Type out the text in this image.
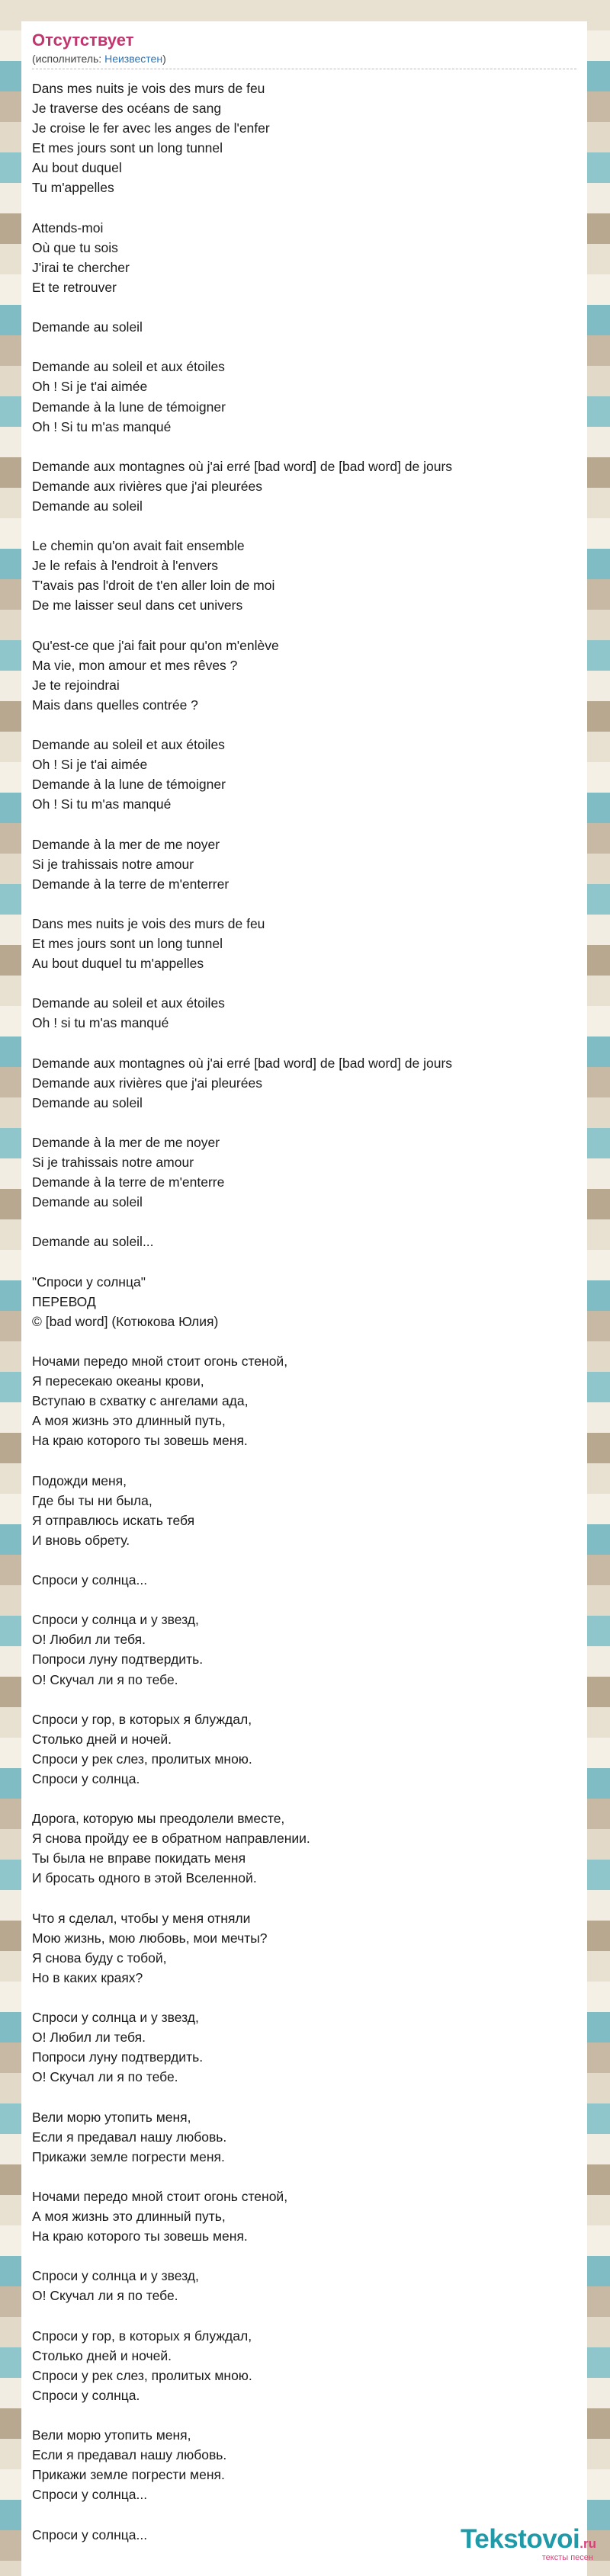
Отсутствует
(исполнитель: Неизвестен)
Dans mes nuits je vois des murs de feu
Je traverse des océans de sang
Je croise le fer avec les anges de l'enfer
Et mes jours sont un long tunnel
Au bout duquel
Tu m'appelles
Attends-moi
Où que tu sois
J'irai te chercher
Et te retrouver
Demande au soleil
Demande au soleil et aux étoiles
Oh ! Si je t'ai aimée
Demande à la lune de témoigner
Oh ! Si tu m'as manqué
Demande aux montagnes où j'ai erré [bad word] de [bad word] de jours
Demande aux rivières que j'ai pleurées
Demande au soleil
Le chemin qu'on avait fait ensemble
Je le refais à l'endroit à l'envers
T'avais pas l'droit de t'en aller loin de moi
De me laisser seul dans cet univers
Qu'est-ce que j'ai fait pour qu'on m'enlève
Ma vie, mon amour et mes rêves ?
Je te rejoindrai
Mais dans quelles contrée ?
Demande au soleil et aux étoiles
Oh ! Si je t'ai aimée
Demande à la lune de témoigner
Oh ! Si tu m'as manqué
Demande à la mer de me noyer
Si je trahissais notre amour
Demande à la terre de m'enterrer
Dans mes nuits je vois des murs de feu
Et mes jours sont un long tunnel
Au bout duquel tu m'appelles
Demande au soleil et aux étoiles
Oh ! si tu m'as manqué
Demande aux montagnes où j'ai erré [bad word] de [bad word] de jours
Demande aux rivières que j'ai pleurées
Demande au soleil
Demande à la mer de me noyer
Si je trahissais notre amour
Demande à la terre de m'enterre
Demande au soleil
Demande au soleil...
"Спроси у солнца"
ПЕРЕВОД
© [bad word] (Котюкова Юлия)
Ночами передо мной стоит огонь стеной,
Я пересекаю океаны крови,
Вступаю в схватку с ангелами ада,
А моя жизнь это длинный путь,
На краю которого ты зовешь меня.
Подожди меня,
Где бы ты ни была,
Я отправлюсь искать тебя
И вновь обрету.
Спроси у солнца...
Спроси у солнца и у звезд,
О! Любил ли тебя.
Попроси луну подтвердить.
О! Скучал ли я по тебе.
Спроси у гор, в которых я блуждал,
Столько дней и ночей.
Спроси у рек слез, пролитых мною.
Спроси у солнца.
Дорога, которую мы преодолели вместе,
Я снова пройду ее в обратном направлении.
Ты была не вправе покидать меня
И бросать одного в этой Вселенной.
Что я сделал, чтобы у меня отняли
Мою жизнь, мою любовь, мои мечты?
Я снова буду с тобой,
Но в каких краях?
Спроси у солнца и у звезд,
О! Любил ли тебя.
Попроси луну подтвердить.
О! Скучал ли я по тебе.
Вели морю утопить меня,
Если я предавал нашу любовь.
Прикажи земле погрести меня.
Ночами передо мной стоит огонь стеной,
А моя жизнь это длинный путь,
На краю которого ты зовешь меня.
Спроси у солнца и у звезд,
О! Скучал ли я по тебе.
Спроси у гор, в которых я блуждал,
Столько дней и ночей.
Спроси у рек слез, пролитых мною.
Спроси у солнца.
Вели морю утопить меня,
Если я предавал нашу любовь.
Прикажи земле погрести меня.
Спроси у солнца...
Спроси у солнца...	Tekstovoi.ru
тексты песен
